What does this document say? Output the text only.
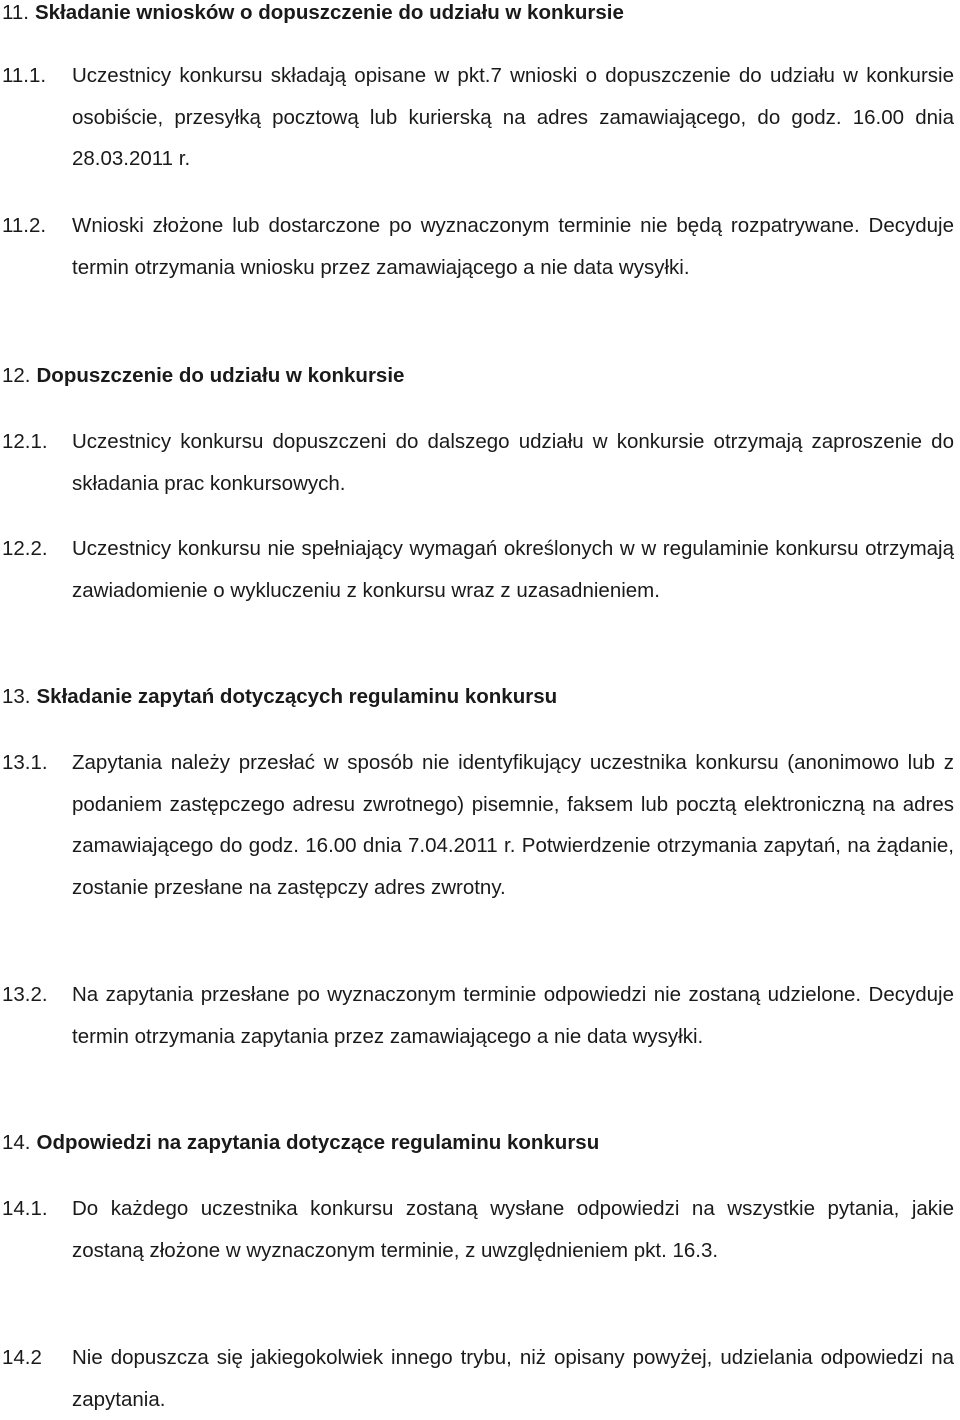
11. Składanie wniosków o dopuszczenie do udziału w konkursie
11.1. Uczestnicy konkursu składają opisane w pkt.7 wnioski o dopuszczenie do udziału w konkursie osobiście, przesyłką pocztową lub kurierską na adres zamawiającego, do godz. 16.00 dnia 28.03.2011 r.
11.2. Wnioski złożone lub dostarczone po wyznaczonym terminie nie będą rozpatrywane. Decyduje termin otrzymania wniosku przez zamawiającego a nie data wysyłki.
12. Dopuszczenie do udziału w konkursie
12.1. Uczestnicy konkursu dopuszczeni do dalszego udziału w konkursie otrzymają zaproszenie do składania prac konkursowych.
12.2. Uczestnicy konkursu nie spełniający wymagań określonych w w regulaminie konkursu otrzymają zawiadomienie o wykluczeniu z konkursu wraz z uzasadnieniem.
13. Składanie zapytań dotyczących regulaminu konkursu
13.1. Zapytania należy przesłać w sposób nie identyfikujący uczestnika konkursu (anonimowo lub z podaniem zastępczego adresu zwrotnego) pisemnie, faksem lub pocztą elektroniczną na adres zamawiającego do godz. 16.00 dnia 7.04.2011 r. Potwierdzenie otrzymania zapytań, na żądanie, zostanie przesłane na zastępczy adres zwrotny.
13.2. Na zapytania przesłane po wyznaczonym terminie odpowiedzi nie zostaną udzielone. Decyduje termin otrzymania zapytania przez zamawiającego a nie data wysyłki.
14. Odpowiedzi na zapytania dotyczące regulaminu konkursu
14.1. Do każdego uczestnika konkursu zostaną wysłane odpowiedzi na wszystkie pytania, jakie zostaną złożone w wyznaczonym terminie, z uwzględnieniem pkt. 16.3.
14.2 Nie dopuszcza się jakiegokolwiek innego trybu, niż opisany powyżej, udzielania odpowiedzi na zapytania.
